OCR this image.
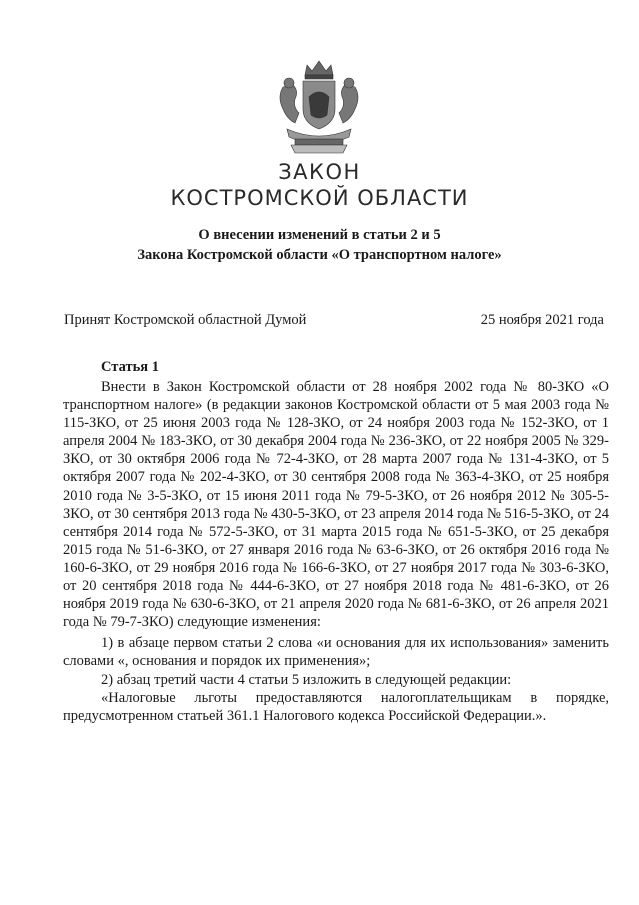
ЗАКОН
КОСТРОМСКОЙ ОБЛАСТИ
О внесении изменений в статьи 2 и 5
Закона Костромской области «О транспортном налоге»
Принят Костромской областной Думой	25 ноября 2021 года
Статья 1

Внести в Закон Костромской области от 28 ноября 2002 года № 80-ЗКО «О транспортном налоге» (в редакции законов Костромской области от 5 мая 2003 года № 115-ЗКО, от 25 июня 2003 года № 128-ЗКО, от 24 ноября 2003 года № 152-ЗКО, от 1 апреля 2004 № 183-ЗКО, от 30 декабря 2004 года № 236-ЗКО, от 22 ноября 2005 № 329-ЗКО, от 30 октября 2006 года № 72-4-ЗКО, от 28 марта 2007 года № 131-4-ЗКО, от 5 октября 2007 года № 202-4-ЗКО, от 30 сентября 2008 года № 363-4-ЗКО, от 25 ноября 2010 года № 3-5-ЗКО, от 15 июня 2011 года № 79-5-ЗКО, от 26 ноября 2012 № 305-5-ЗКО, от 30 сентября 2013 года № 430-5-ЗКО, от 23 апреля 2014 года № 516-5-ЗКО, от 24 сентября 2014 года № 572-5-ЗКО, от 31 марта 2015 года № 651-5-ЗКО, от 25 декабря 2015 года № 51-6-ЗКО, от 27 января 2016 года № 63-6-ЗКО, от 26 октября 2016 года № 160-6-ЗКО, от 29 ноября 2016 года № 166-6-ЗКО, от 27 ноября 2017 года № 303-6-ЗКО, от 20 сентября 2018 года № 444-6-ЗКО, от 27 ноября 2018 года № 481-6-ЗКО, от 26 ноября 2019 года № 630-6-ЗКО, от 21 апреля 2020 года № 681-6-ЗКО, от 26 апреля 2021 года № 79-7-ЗКО) следующие изменения:

1) в абзаце первом статьи 2 слова «и основания для их использования» заменить словами «, основания и порядок их применения»;

2) абзац третий части 4 статьи 5 изложить в следующей редакции:

«Налоговые льготы предоставляются налогоплательщикам в порядке, предусмотренном статьей 361.1 Налогового кодекса Российской Федерации.».
